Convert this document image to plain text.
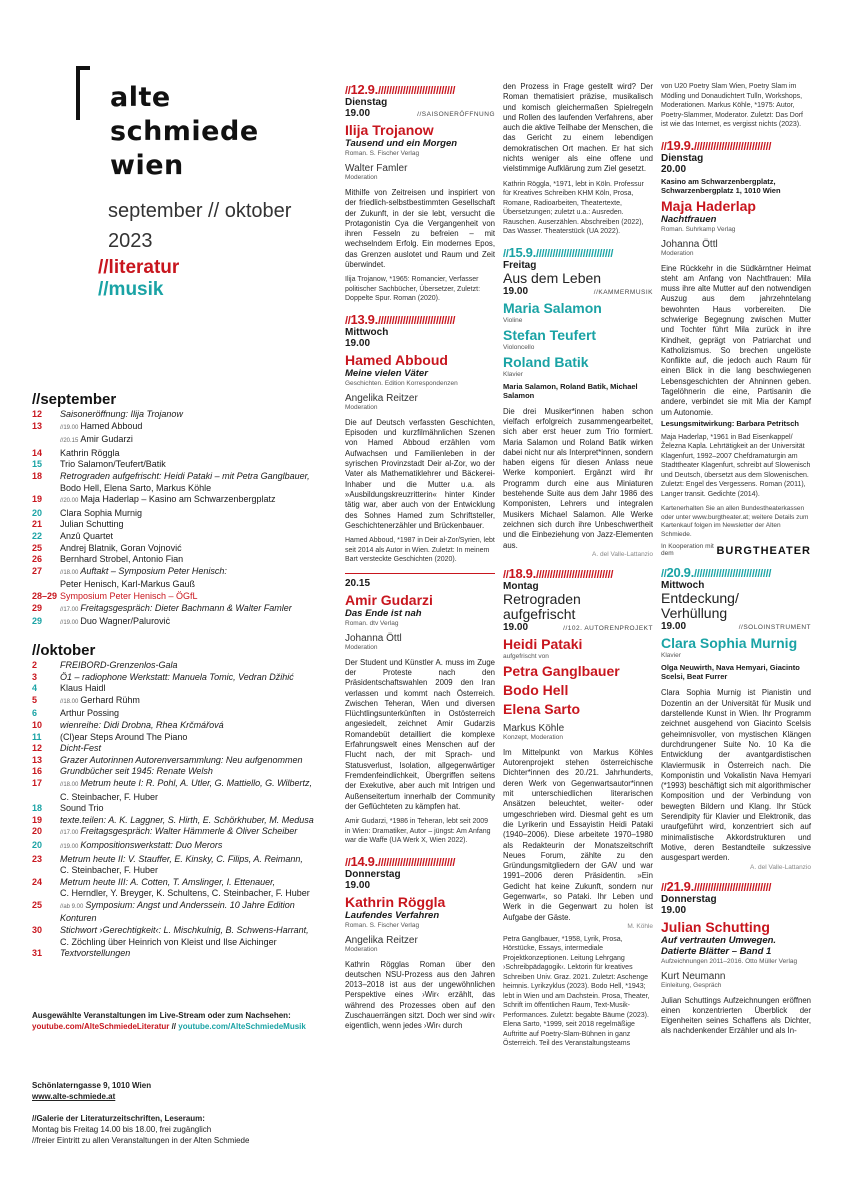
alte
schmiede
wien
september // oktober
2023
//literatur
//musik
//september
12	Saisoneröffnung: Ilija Trojanow
13	//19.00 Hamed Abboud
//20.15 Amir Gudarzi
14	Kathrin Röggla
15	Trio Salamon/Teufert/Batik
18	Retrograden aufgefrischt: Heidi Pataki – mit Petra Ganglbauer,
Bodo Hell, Elena Sarto, Markus Köhle
19	//20.00 Maja Haderlap – Kasino am Schwarzenbergplatz
20	Clara Sophia Murnig
21	Julian Schutting
22	Anzû Quartet
25	Andrej Blatnik, Goran Vojnović
26	Bernhard Strobel, Antonio Fian
27	//18.00 Auftakt – Symposium Peter Henisch:
Peter Henisch, Karl-Markus Gauß
28–29 Symposium Peter Henisch – ÖGfL
29	//17.00 Freitagsgespräch: Dieter Bachmann & Walter Famler
29	//19.00 Duo Wagner/Paluroviċ
//oktober
2	FREIBORD-Grenzenlos-Gala
3	Ö1 – radiophone Werkstatt: Manuela Tomic, Vedran Džihić
4	Klaus Haidl
5	//18.00 Gerhard Rühm
6	Arthur Possing
10	wienreihe: Didi Drobna, Rhea Krčmářová
11	(Cl)ear Steps Around The Piano
12	Dicht-Fest
13	Grazer Autorinnen Autorenversammlung: Neu aufgenommen
16	Grundbücher seit 1945: Renate Welsh
17	//18.00 Metrum heute I: R. Pohl, A. Utler, G. Mattiello, G. Wilbertz,
C. Steinbacher, F. Huber
18	Sound Trio
19	texte.teilen: A. K. Laggner, S. Hirth, E. Schörkhuber, M. Medusa
20	//17.00 Freitagsgespräch: Walter Hämmerle & Oliver Scheiber
20	//19.00 Kompositionswerkstatt: Duo Merors
23	Metrum heute II: V. Stauffer, E. Kinsky, C. Filips, A. Reimann,
C. Steinbacher, F. Huber
24	Metrum heute III: A. Cotten, T. Amslinger, I. Ettenauer,
C. Herndler, Y. Breyger, K. Schultens, C. Steinbacher, F. Huber
25	//ab 9.00 Symposium: Angst und Anderssein. 10 Jahre Edition
Konturen
30	Stichwort ›Gerechtigkeit‹: L. Mischkulnig, B. Schwens-Harrant,
C. Zöchling über Heinrich von Kleist und Ilse Aichinger
31	Textvorstellungen
Ausgewählte Veranstaltungen im Live-Stream oder zum Nachsehen:
youtube.com/AlteSchmiedeLiteratur // youtube.com/AlteSchmiedeMusik
Schönlaterngasse 9, 1010 Wien
www.alte-schmiede.at
//Galerie der Literaturzeitschriften, Leseraum:
Montag bis Freitag 14.00 bis 18.00, frei zugänglich
//freier Eintritt zu allen Veranstaltungen in der Alten Schmiede
//12.9.////////////////////////////
Dienstag
19.00	//SAISONERÖFFNUNG
Ilija Trojanow
Tausend und ein Morgen
Roman. S. Fischer Verlag
Walter Famler
Moderation
Mithilfe von Zeitreisen und inspiriert von der friedlich-selbstbestimmten Gesellschaft der Zukunft, in der sie lebt, versucht die Protagonistin Cya die Vergangenheit von ihren Fesseln zu befreien – mit wechselndem Erfolg. Ein modernes Epos, das Grenzen auslotet und Raum und Zeit überwindet.
Ilija Trojanow, *1965: Romancier, Verfasser politischer Sachbücher, Übersetzer, Zuletzt: Doppelte Spur. Roman (2020).
//13.9.////////////////////////////
Mittwoch
19.00
Hamed Abboud
Meine vielen Väter
Geschichten. Edition Korrespondenzen
Angelika Reitzer
Moderation
Die auf Deutsch verfassten Geschichten, Episoden und kurzfilmähnlichen Szenen von Hamed Abboud erzählen vom Aufwachsen und Familienleben in der syrischen Provinzstadt Deir al-Zor, wo der Vater als Mathematiklehrer und Bäckerei-Inhaber und die Mutter u.a. als »Ausbildungskreuzritterin« hinter Kinder tätig war, aber auch von der Entwicklung des Sohnes Hamed zum Schriftsteller, Geschichtenerzähler und Brückenbauer.
Hamed Abboud, *1987 in Deir al-Zor/Syrien, lebt seit 2014 als Autor in Wien. Zuletzt: In meinem Bart versteckte Geschichten (2020).
20.15
Amir Gudarzi
Das Ende ist nah
Roman. dtv Verlag
Johanna Öttl
Moderation
Der Student und Künstler A. muss im Zuge der Proteste nach den Präsidentschaftswahlen 2009 den Iran verlassen und kommt nach Österreich. Zwischen Teheran, Wien und diversen Flüchtlingsunterkünften in Ostösterreich angesiedelt, zeichnet Amir Gudarzis Romandebüt detailliert die komplexe Erfahrungswelt eines Menschen auf der Flucht nach, der mit Sprach- und Statusverlust, Isolation, allgegenwärtiger Fremdenfeindlichkeit, Übergriffen seitens der Exekutive, aber auch mit Intrigen und Außenseitertum innerhalb der Community der Geflüchteten zu kämpfen hat.
Amir Gudarzi, *1986 in Teheran, lebt seit 2009 in Wien: Dramatiker, Autor – jüngst: Am Anfang war die Waffe (UA Werk X, Wien 2022).
//14.9.////////////////////////////
Donnerstag
19.00
Kathrin Röggla
Laufendes Verfahren
Roman. S. Fischer Verlag
Angelika Reitzer
Moderation
Kathrin Rögglas Roman über den deutschen NSU-Prozess aus den Jahren 2013–2018 ist aus der ungewöhnlichen Perspektive eines ›Wir‹ erzählt, das während des Prozesses oben auf den Zuschauerrängen sitzt. Doch wer sind ›wir‹ eigentlich, wenn jedes ›Wir‹ durch
den Prozess in Frage gestellt wird? Der Roman thematisiert präzise, musikalisch und komisch gleichermaßen Spielregeln und Rollen des laufenden Verfahrens, aber auch die aktive Teilhabe der Menschen, die das Gericht zu einem lebendigen demokratischen Ort machen. Er hat sich nichts weniger als eine offene und vielstimmige Aufklärung zum Ziel gesetzt.
Kathrin Röggla, *1971, lebt in Köln. Professur für Kreatives Schreiben KHM Köln, Prosa, Romane, Radioarbeiten, Theatertexte, Übersetzungen; zuletzt u.a.: Ausreden. Rauschen. Auserzählen. Abschreiben (2022), Das Wasser. Theaterstück (UA 2022).
//15.9.////////////////////////////
Freitag
Aus dem Leben
19.00	//KAMMERMUSIK
Maria Salamon
Violine
Stefan Teufert
Violoncello
Roland Batik
Klavier
Maria Salamon, Roland Batik, Michael Salamon
Die drei Musiker*innen haben schon vielfach erfolgreich zusammengearbeitet, sich aber erst heuer zum Trio formiert. Maria Salamon und Roland Batik wirken dabei nicht nur als Interpret*innen, sondern haben eigens für diesen Anlass neue Werke komponiert. Ergänzt wird ihr Programm durch eine aus Miniaturen bestehende Suite aus dem Jahr 1986 des Komponisten, Lehrers und integralen Musikers Michael Salamon. Alle Werke zeichnen sich durch ihre Unbeschwertheit und die Einbeziehung von Jazz-Elementen aus.
A. del Valle-Lattanzio
//18.9.////////////////////////////
Montag
Retrograden
aufgefrischt
19.00	//102. AUTORENPROJEKT
Heidi Pataki
aufgefrischt von
Petra Ganglbauer
Bodo Hell
Elena Sarto
Markus Köhle
Konzept, Moderation
Im Mittelpunkt von Markus Köhles Autorenprojekt stehen österreichische Dichter*innen des 20./21. Jahrhunderts, deren Werk von Gegenwartsautor*innen mit unterschiedlichen literarischen Ansätzen beleuchtet, weiter- oder umgeschrieben wird. Diesmal geht es um die Lyrikerin und Essayistin Heidi Pataki (1940–2006). Diese arbeitete 1970–1980 als Redakteurin der Monatszeitschrift Neues Forum, zählte zu den Gründungsmitgliedern der GAV und war 1991–2006 deren Präsidentin. »Ein Gedicht hat keine Zukunft, sondern nur Gegenwart«, so Pataki. Ihr Leben und Werk in die Gegenwart zu holen ist Aufgabe der Gäste.
M. Köhle
Petra Ganglbauer, *1958, Lyrik, Prosa, Hörstücke, Essays, intermediale Projektkonzeptionen. Leitung Lehrgang ›Schreibpädagogik‹. Lektorin für kreatives Schreiben Univ. Graz. 2021. Zuletzt: Aschenge heimnis. Lyrikzyklus (2023). Bodo Hell, *1943; lebt in Wien und am Dachstein. Prosa, Theater, Schrift im öffentlichen Raum, Text-Musik-Performances. Zuletzt: begabte Bäume (2023). Elena Sarto, *1999, seit 2018 regelmäßige Auftritte auf Poetry-Slam-Bühnen in ganz Österreich. Teil des Veranstaltungsteams
von U20 Poetry Slam Wien, Poetry Slam im Mödling und Donaudichtert Tulln, Workshops, Moderationen. Markus Köhle, *1975: Autor, Poetry-Slammer, Moderator. Zuletzt: Das Dorf ist wie das Internet, es vergisst nichts (2023).
//19.9.////////////////////////////
Dienstag
20.00
Kasino am Schwarzenbergplatz, Schwarzenbergplatz 1, 1010 Wien
Maja Haderlap
Nachtfrauen
Roman. Suhrkamp Verlag
Johanna Öttl
Moderation
Eine Rückkehr in die Südkärntner Heimat steht am Anfang von Nachtfrauen: Mila muss ihre alte Mutter auf den notwendigen Auszug aus dem jahrzehntelang bewohnten Haus vorbereiten. Die schwierige Begegnung zwischen Mutter und Tochter führt Mila zurück in ihre Kindheit, geprägt von Patriarchat und Katholizismus. So brechen ungelöste Konflikte auf, die jedoch auch Raum für einen Blick in die lang beschwiegenen Lebensgeschichten der Ahninnen geben. Tagelöhnerin die eine, Partisanin die andere, verbindet sie mit Mia der Kampf um Autonomie.
Lesungsmitwirkung: Barbara Petritsch
Maja Haderlap, *1961 in Bad Eisenkappel/Železna Kapla. Lehrtätigkeit an der Universität Klagenfurt, 1992–2007 Chefdramaturgin am Stadttheater Klagenfurt, schreibt auf Slowenisch und Deutsch, übersetzt aus dem Slowenischen. Zuletzt: Engel des Vergessens. Roman (2011), Langer transit. Gedichte (2014).
Kartenerhalten Sie an allen Bundestheaterkassen oder unter www.burgtheater.at; weitere Details zum Kartenkauf folgen im Newsletter der Alten Schmiede.
In Kooperation mit dem	BURGTHEATER
//20.9.////////////////////////////
Mittwoch
Entdeckung/
Verhüllung
19.00	//SOLOINSTRUMENT
Clara Sophia Murnig
Klavier
Olga Neuwirth, Nava Hemyari, Giacinto Scelsi, Beat Furrer
Clara Sophia Murnig ist Pianistin und Dozentin an der Universität für Musik und darstellende Kunst in Wien. Ihr Programm zeichnet ausgehend von Giacinto Scelsis geheimnisvoller, von mystischen Klängen durchdrungener Suite No. 10 Ka die Entwicklung der avantgardistischen Klaviermusik in Österreich nach. Die Komponistin und Vokalistin Nava Hemyari (*1993) beschäftigt sich mit algorithmischer Komposition und der Verbindung von bewegten Bildern und Klang. Ihr Stück Serendipity für Klavier und Elektronik, das uraufgeführt wird, konzentriert sich auf minimalistische Akkordstrukturen und Motive, deren Bestandteile sukzessive ausgespart werden.
A. del Valle-Lattanzio
//21.9.////////////////////////////
Donnerstag
19.00
Julian Schutting
Auf vertrauten Umwegen.
Datierte Blätter – Band 1
Aufzeichnungen 2011–2016. Otto Müller Verlag
Kurt Neumann
Einleitung, Gespräch
Julian Schuttings Aufzeichnungen eröffnen einen konzentrierten Überblick der Eigenheiten seines Schaffens als Dichter, als nachdenkender Erzähler und als In-
